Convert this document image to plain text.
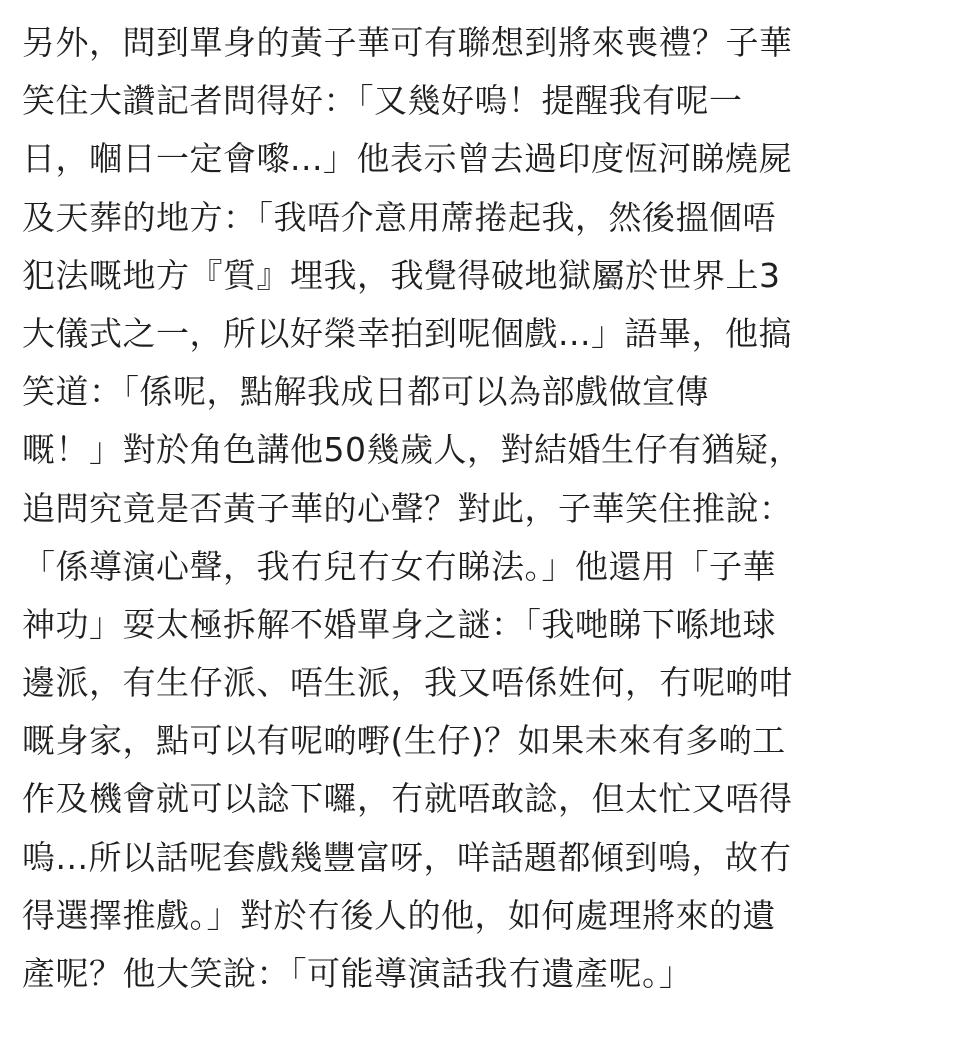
另外，問到單身的黃子華可有聯想到將來喪禮？子華
笑住大讚記者問得好：「又幾好嗚！提醒我有呢一
日，嗰日一定會嚟...」他表示曾去過印度恆河睇燒屍
及天葬的地方：「我唔介意用蓆捲起我，然後搵個唔
犯法嘅地方『質』埋我，我覺得破地獄屬於世界上3
大儀式之一，所以好榮幸拍到呢個戲...」語畢，他搞
笑道：「係呢，點解我成日都可以為部戲做宣傳
嘅！」對於角色講他50幾歲人，對結婚生仔有猶疑，
追問究竟是否黃子華的心聲？對此，子華笑住推說：
「係導演心聲，我冇兒冇女冇睇法。」他還用「子華
神功」耍太極拆解不婚單身之謎：「我哋睇下喺地球
邊派，有生仔派、唔生派，我又唔係姓何，冇呢啲咁
嘅身家，點可以有呢啲嘢(生仔)？如果未來有多啲工
作及機會就可以諗下囉，冇就唔敢諗，但太忙又唔得
嗚...所以話呢套戲幾豐富呀，咩話題都傾到嗚，故冇
得選擇推戲。」對於冇後人的他，如何處理將來的遺
產呢？他大笑說：「可能導演話我冇遺產呢。」
